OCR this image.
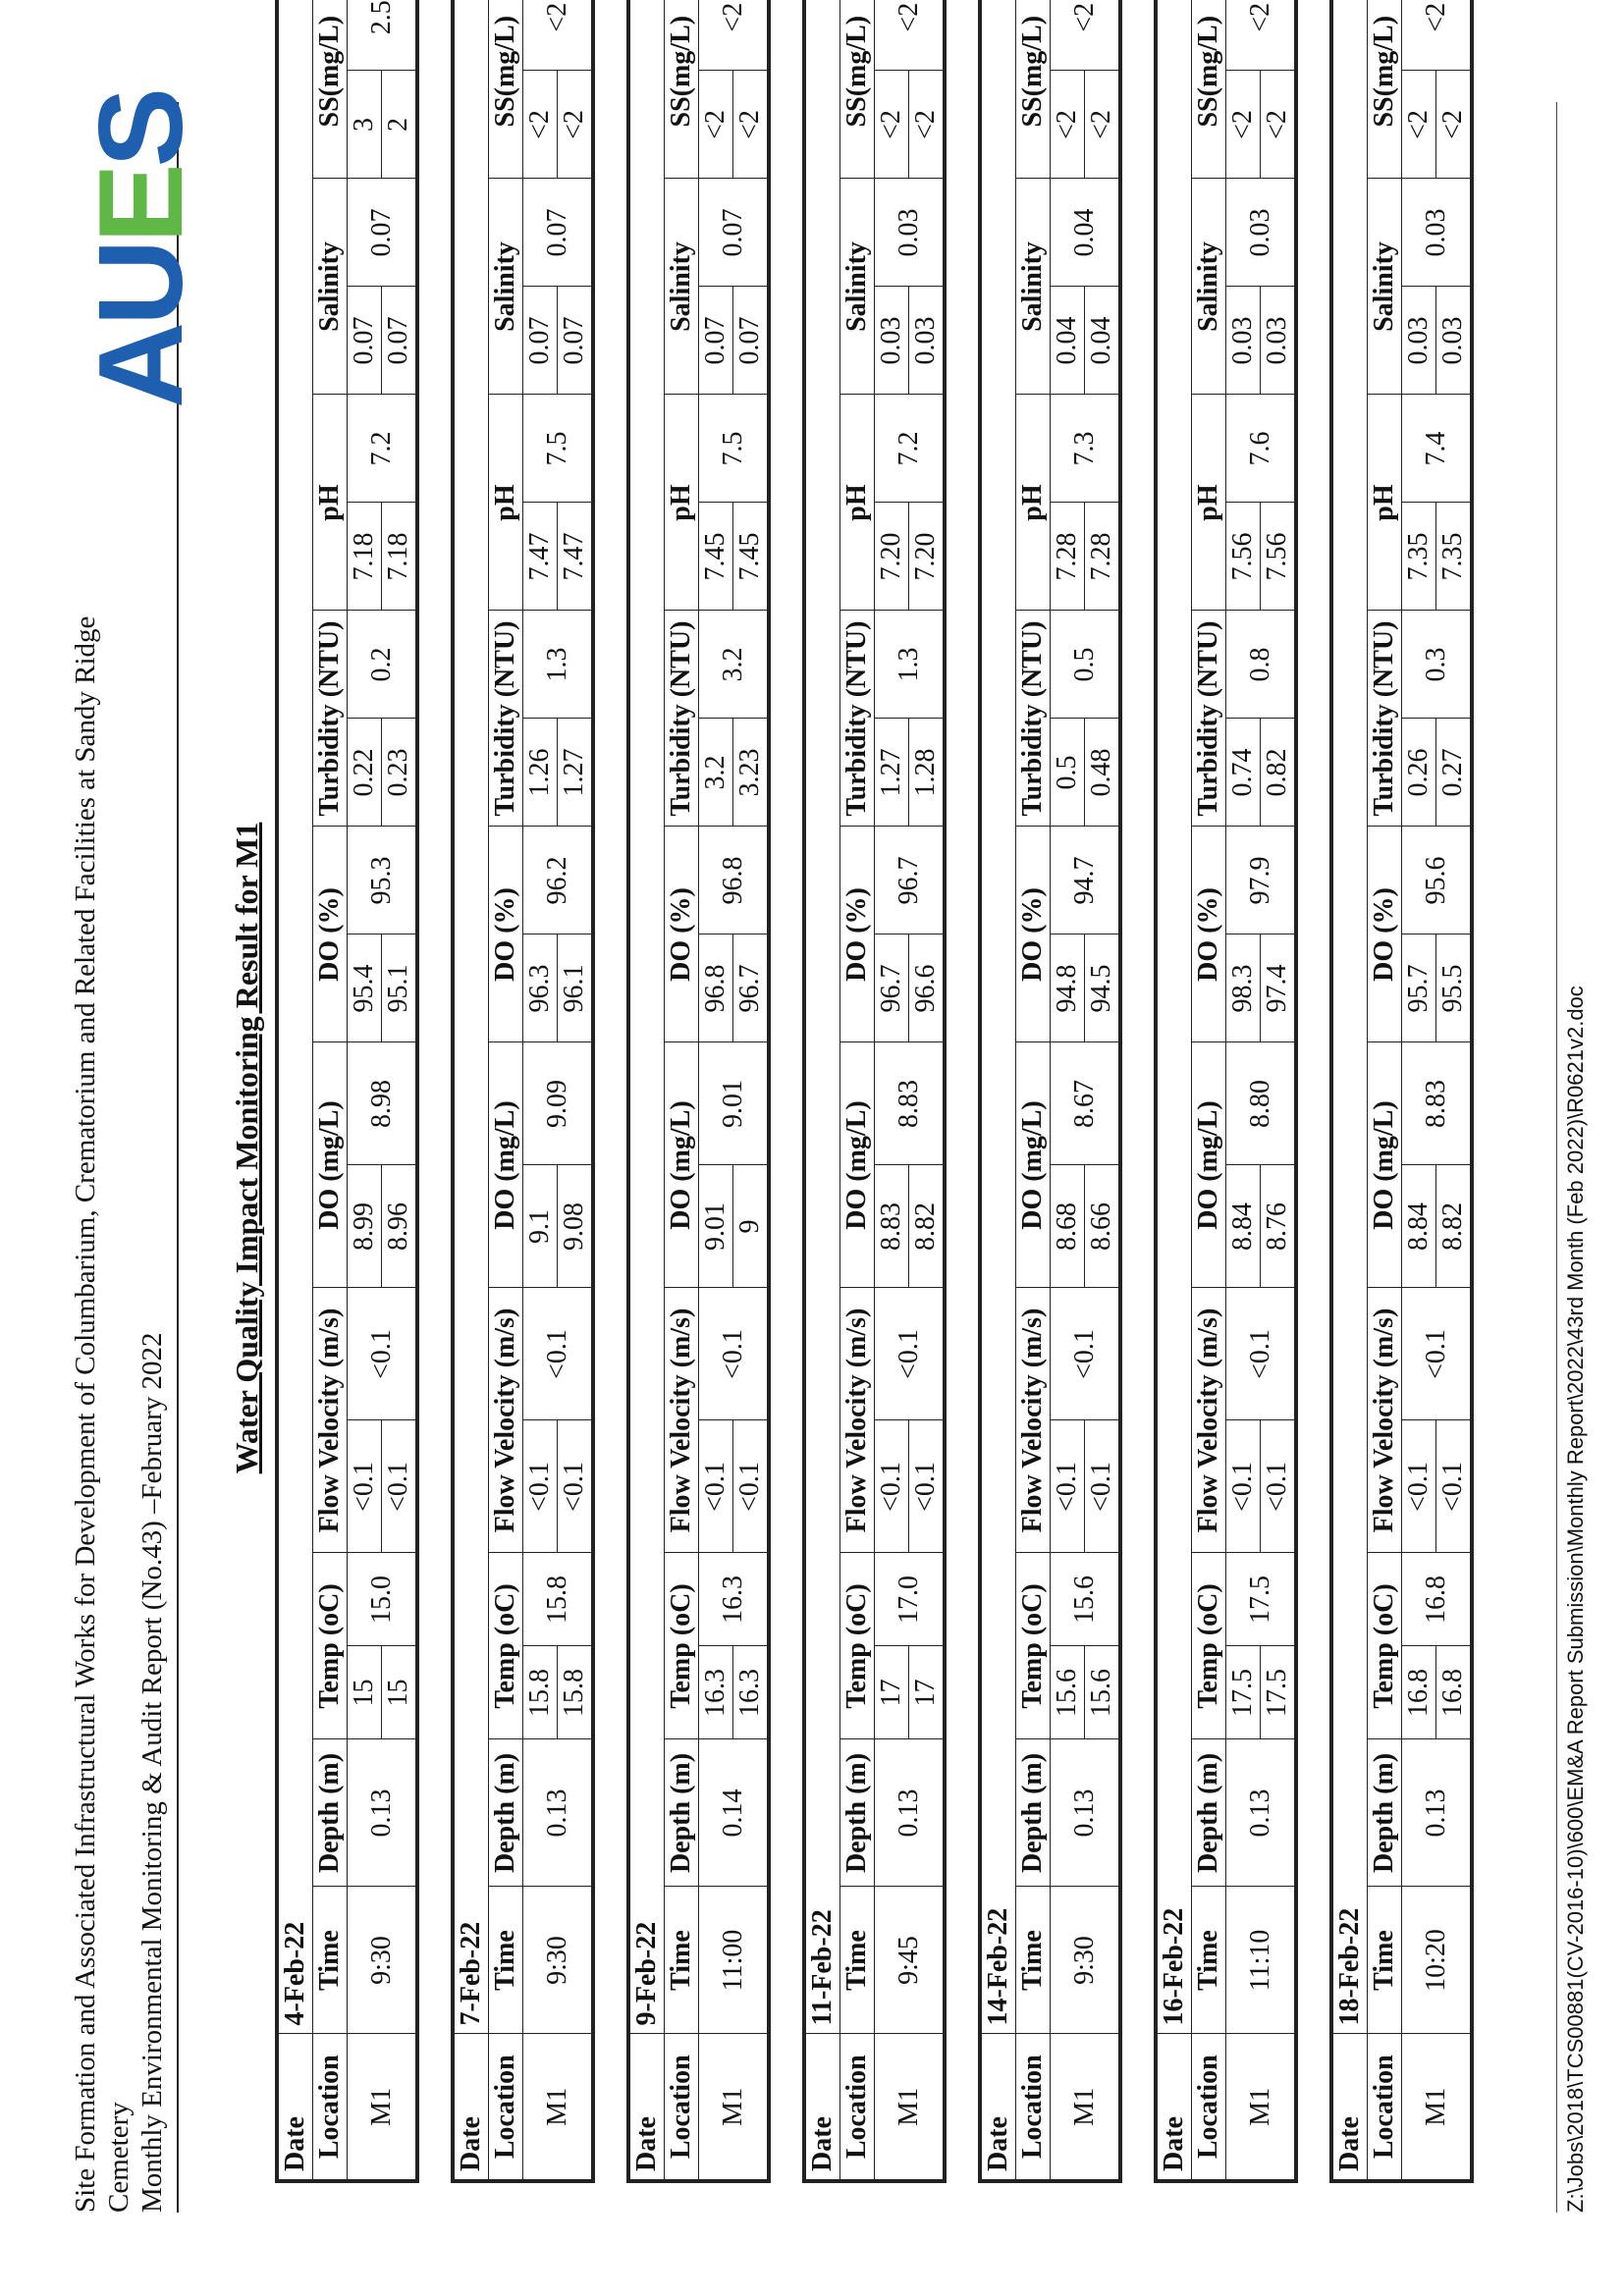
Site Formation and Associated Infrastructural Works for Development of Columbarium, Crematorium and Related Facilities at Sandy Ridge Cemetery Monthly Environmental Monitoring & Audit Report (No.43) –February 2022
AUES
Water Quality Impact Monitoring Result for M1
Date	4-Feb-22																	
Location	Time	Depth (m)	Temp (oC)		Flow Velocity (m/s)		DO (mg/L)		DO (%)		Turbidity (NTU)		pH		Salinity		SS(mg/L)	
M1	9:30	0.13	15	15.0	<0.1	<0.1	8.99	8.98	95.4	95.3	0.22	0.2	7.18	7.2	0.07	0.07	3	2.5
			15		<0.1		8.96		95.1		0.23		7.18		0.07		2	
Date	7-Feb-22																	
Location	Time	Depth (m)	Temp (oC)		Flow Velocity (m/s)		DO (mg/L)		DO (%)		Turbidity (NTU)		pH		Salinity		SS(mg/L)	
M1	9:30	0.13	15.8	15.8	<0.1	<0.1	9.1	9.09	96.3	96.2	1.26	1.3	7.47	7.5	0.07	0.07	<2	<2
			15.8		<0.1		9.08		96.1		1.27		7.47		0.07		<2	
Date	9-Feb-22																	
Location	Time	Depth (m)	Temp (oC)		Flow Velocity (m/s)		DO (mg/L)		DO (%)		Turbidity (NTU)		pH		Salinity		SS(mg/L)	
M1	11:00	0.14	16.3	16.3	<0.1	<0.1	9.01	9.01	96.8	96.8	3.2	3.2	7.45	7.5	0.07	0.07	<2	<2
			16.3		<0.1		9		96.7		3.23		7.45		0.07		<2	
Date	11-Feb-22																	
Location	Time	Depth (m)	Temp (oC)		Flow Velocity (m/s)		DO (mg/L)		DO (%)		Turbidity (NTU)		pH		Salinity		SS(mg/L)	
M1	9:45	0.13	17	17.0	<0.1	<0.1	8.83	8.83	96.7	96.7	1.27	1.3	7.20	7.2	0.03	0.03	<2	<2
			17		<0.1		8.82		96.6		1.28		7.20		0.03		<2	
Date	14-Feb-22																	
Location	Time	Depth (m)	Temp (oC)		Flow Velocity (m/s)		DO (mg/L)		DO (%)		Turbidity (NTU)		pH		Salinity		SS(mg/L)	
M1	9:30	0.13	15.6	15.6	<0.1	<0.1	8.68	8.67	94.8	94.7	0.5	0.5	7.28	7.3	0.04	0.04	<2	<2
			15.6		<0.1		8.66		94.5		0.48		7.28		0.04		<2	
Date	16-Feb-22																	
Location	Time	Depth (m)	Temp (oC)		Flow Velocity (m/s)		DO (mg/L)		DO (%)		Turbidity (NTU)		pH		Salinity		SS(mg/L)	
M1	11:10	0.13	17.5	17.5	<0.1	<0.1	8.84	8.80	98.3	97.9	0.74	0.8	7.56	7.6	0.03	0.03	<2	<2
			17.5		<0.1		8.76		97.4		0.82		7.56		0.03		<2	
Date	18-Feb-22																	
Location	Time	Depth (m)	Temp (oC)		Flow Velocity (m/s)		DO (mg/L)		DO (%)		Turbidity (NTU)		pH		Salinity		SS(mg/L)	
M1	10:20	0.13	16.8	16.8	<0.1	<0.1	8.84	8.83	95.7	95.6	0.26	0.3	7.35	7.4	0.03	0.03	<2	<2
			16.8		<0.1		8.82		95.5		0.27		7.35		0.03		<2	
Z:\Jobs\2018\TCS00881(CV-2016-10)\600\EM&A Report Submission\Monthly Report\2022\43rd Month (Feb 2022)\R0621v2.doc
